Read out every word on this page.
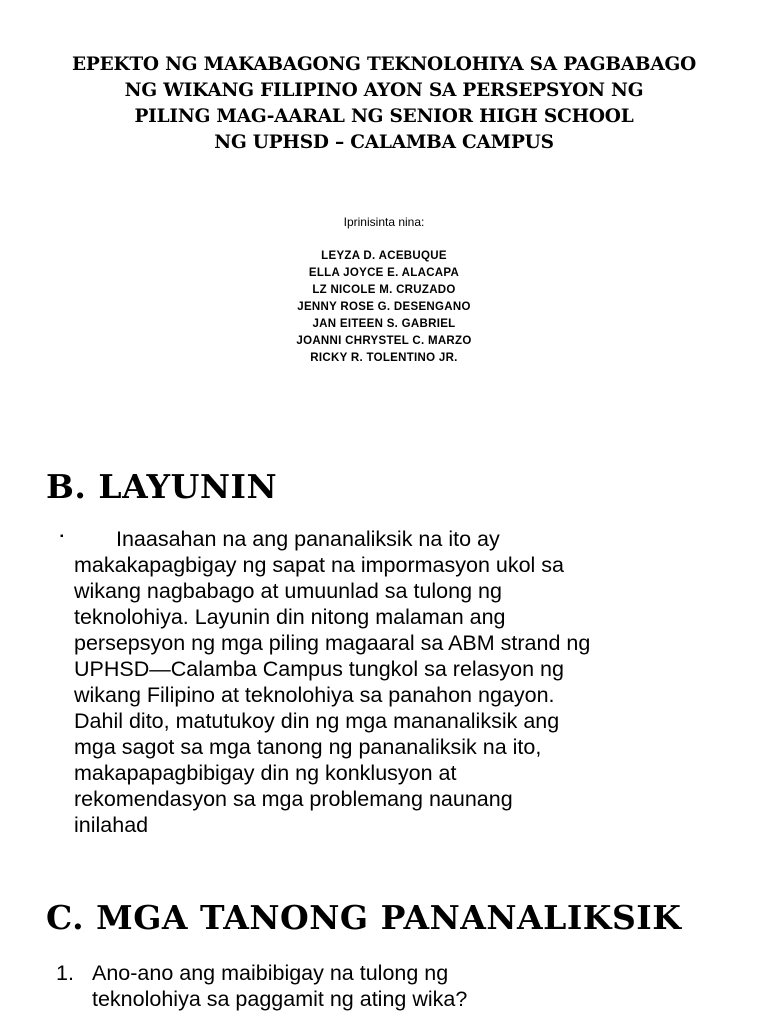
EPEKTO NG MAKABAGONG TEKNOLOHIYA SA PAGBABAGO
NG WIKANG FILIPINO AYON SA PERSEPSYON NG
PILING MAG-AARAL NG SENIOR HIGH SCHOOL
NG UPHSD – CALAMBA CAMPUS
Iprinisinta nina:
LEYZA D. ACEBUQUE
ELLA JOYCE E. ALACAPA
LZ NICOLE M. CRUZADO
JENNY ROSE G. DESENGANO
JAN EITEEN S. GABRIEL
JOANNI CHRYSTEL C. MARZO
RICKY R. TOLENTINO JR.
B. LAYUNIN
▪	Inaasahan na ang pananaliksik na ito ay
makakapagbigay ng sapat na impormasyon ukol sa
wikang nagbabago at umuunlad sa tulong ng
teknolohiya. Layunin din nitong malaman ang
persepsyon ng mga piling magaaral sa ABM strand ng
UPHSD—Calamba Campus tungkol sa relasyon ng
wikang Filipino at teknolohiya sa panahon ngayon.
Dahil dito, matutukoy din ng mga mananaliksik ang
mga sagot sa mga tanong ng pananaliksik na ito,
makapapagbibigay din ng konklusyon at
rekomendasyon sa mga problemang naunang
inilahad
C. MGA TANONG PANANALIKSIK
1. Ano-ano ang maibibigay na tulong ng
teknolohiya sa paggamit ng ating wika?
